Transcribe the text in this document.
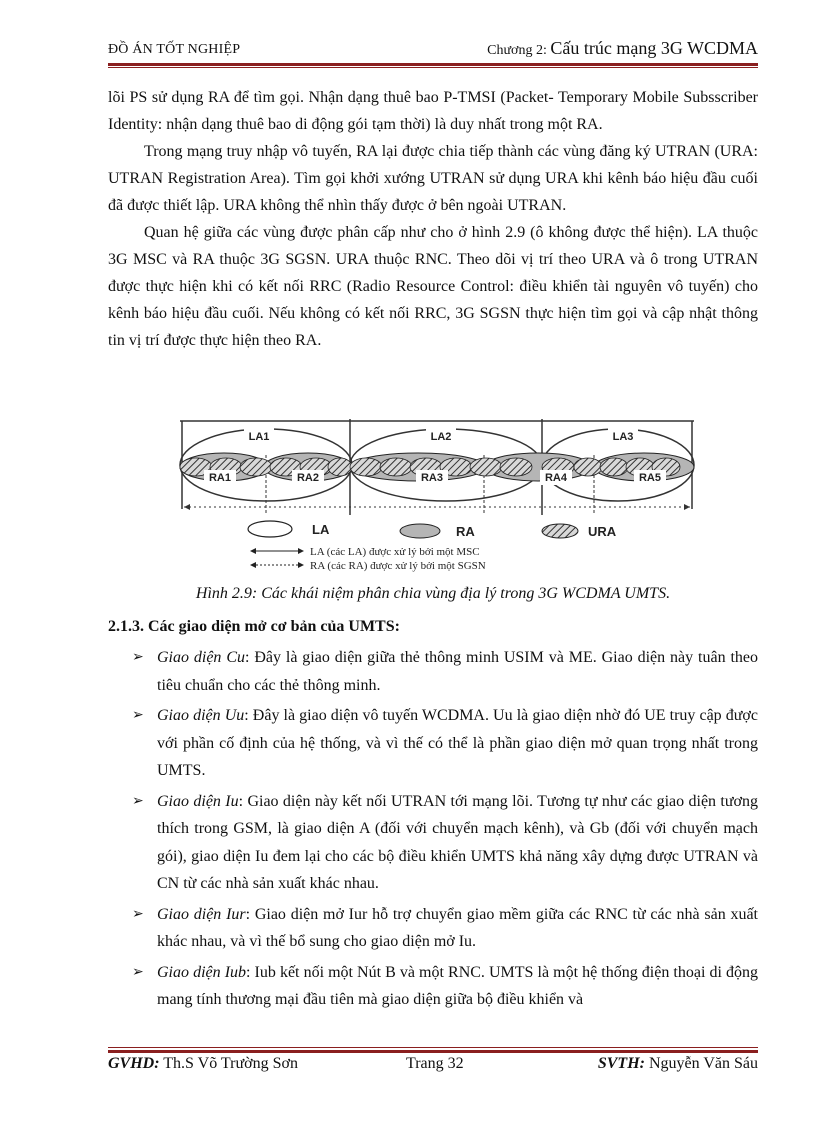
ĐỒ ÁN TỐT NGHIỆP	Chương 2: Cấu trúc mạng 3G WCDMA

lõi PS sử dụng RA để tìm gọi. Nhận dạng thuê bao P-TMSI (Packet- Temporary Mobile Subsscriber Identity: nhận dạng thuê bao di động gói tạm thời) là duy nhất trong một RA.

Trong mạng truy nhập vô tuyến, RA lại được chia tiếp thành các vùng đăng ký UTRAN (URA: UTRAN Registration Area). Tìm gọi khởi xướng UTRAN sử dụng URA khi kênh báo hiệu đầu cuối đã được thiết lập. URA không thể nhìn thấy được ở bên ngoài UTRAN.

Quan hệ giữa các vùng được phân cấp như cho ở hình 2.9 (ô không được thể hiện). LA thuộc 3G MSC và RA thuộc 3G SGSN. URA thuộc RNC. Theo dõi vị trí theo URA và ô trong UTRAN được thực hiện khi có kết nối RRC (Radio Resource Control: điều khiển tài nguyên vô tuyến) cho kênh báo hiệu đầu cuối. Nếu không có kết nối RRC, 3G SGSN thực hiện tìm gọi và cập nhật thông tin vị trí được thực hiện theo RA.

LA1	LA2	LA3
RA1	RA2	RA3	RA4	RA5
LA	RA	URA
LA (các LA) được xử lý bởi một MSC
RA (các RA) được xử lý bởi một SGSN
Hình 2.9: Các khái niệm phân chia vùng địa lý trong 3G WCDMA UMTS.
2.1.3. Các giao diện mở cơ bản của UMTS:
➢ Giao diện Cu: Đây là giao diện giữa thẻ thông minh USIM và ME. Giao diện này tuân theo tiêu chuẩn cho các thẻ thông minh.
➢ Giao diện Uu: Đây là giao diện vô tuyến WCDMA. Uu là giao diện nhờ đó UE truy cập được với phần cố định của hệ thống, và vì thế có thể là phần giao diện mở quan trọng nhất trong UMTS.
➢ Giao diện Iu: Giao diện này kết nối UTRAN tới mạng lõi. Tương tự như các giao diện tương thích trong GSM, là giao diện A (đối với chuyển mạch kênh), và Gb (đối với chuyển mạch gói), giao diện Iu đem lại cho các bộ điều khiển UMTS khả năng xây dựng được UTRAN và CN từ các nhà sản xuất khác nhau.
➢ Giao diện Iur: Giao diện mở Iur hỗ trợ chuyển giao mềm giữa các RNC từ các nhà sản xuất khác nhau, và vì thế bổ sung cho giao diện mở Iu.
➢ Giao diện Iub: Iub kết nối một Nút B và một RNC. UMTS là một hệ thống điện thoại di động mang tính thương mại đầu tiên mà giao diện giữa bộ điều khiển và
GVHD: Th.S Võ Trường Sơn	Trang 32	SVTH: Nguyễn Văn Sáu
